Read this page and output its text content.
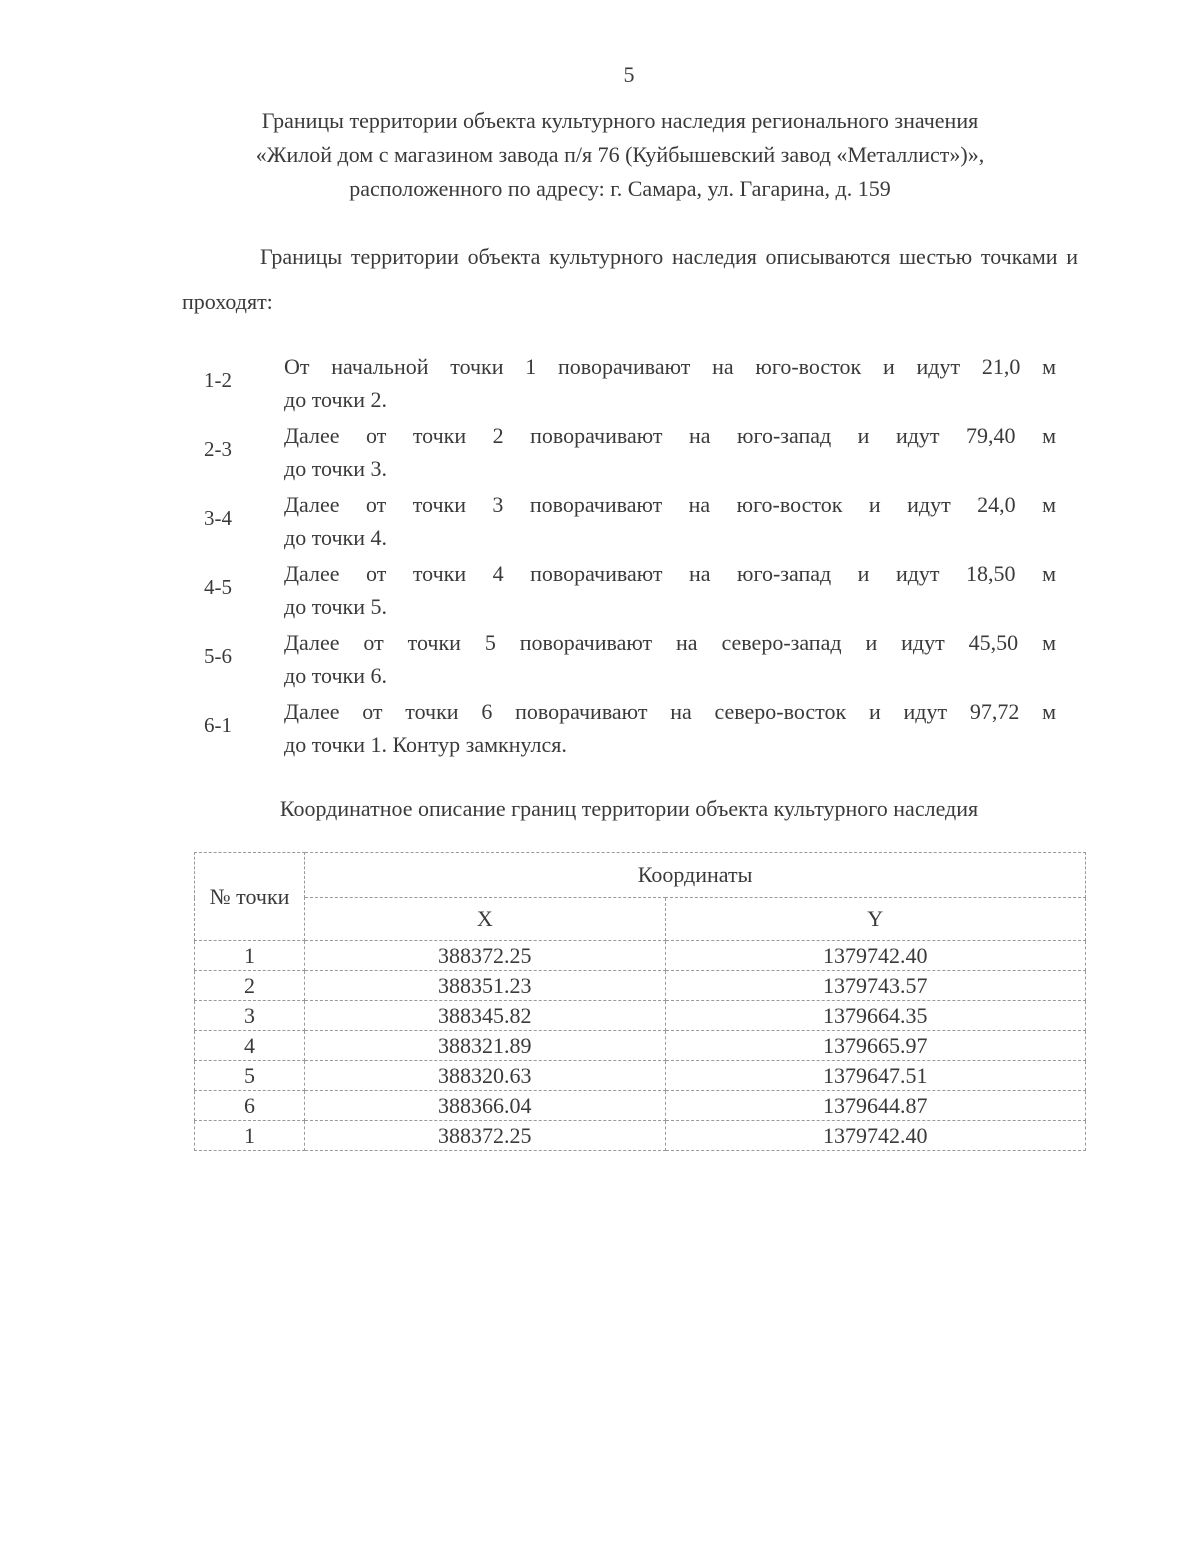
5
Границы территории объекта культурного наследия регионального значения
«Жилой дом с магазином завода п/я 76 (Куйбышевский завод «Металлист»)»,
расположенного по адресу: г. Самара, ул. Гагарина, д. 159
Границы территории объекта культурного наследия описываются шестью точками и проходят:
1-2
От начальной точки 1 поворачивают на юго-восток и идут 21,0 м
до точки 2.
2-3
Далее от точки 2 поворачивают на юго-запад и идут 79,40 м
до точки 3.
3-4
Далее от точки 3 поворачивают на юго-восток и идут 24,0 м
до точки 4.
4-5
Далее от точки 4 поворачивают на юго-запад и идут 18,50 м
до точки 5.
5-6
Далее от точки 5 поворачивают на северо-запад и идут 45,50 м
до точки 6.
6-1
Далее от точки 6 поворачивают на северо-восток и идут 97,72 м
до точки 1. Контур замкнулся.
Координатное описание границ территории объекта культурного наследия
№ точки	Координаты	
	X	Y
1	388372.25	1379742.40
2	388351.23	1379743.57
3	388345.82	1379664.35
4	388321.89	1379665.97
5	388320.63	1379647.51
6	388366.04	1379644.87
1	388372.25	1379742.40
